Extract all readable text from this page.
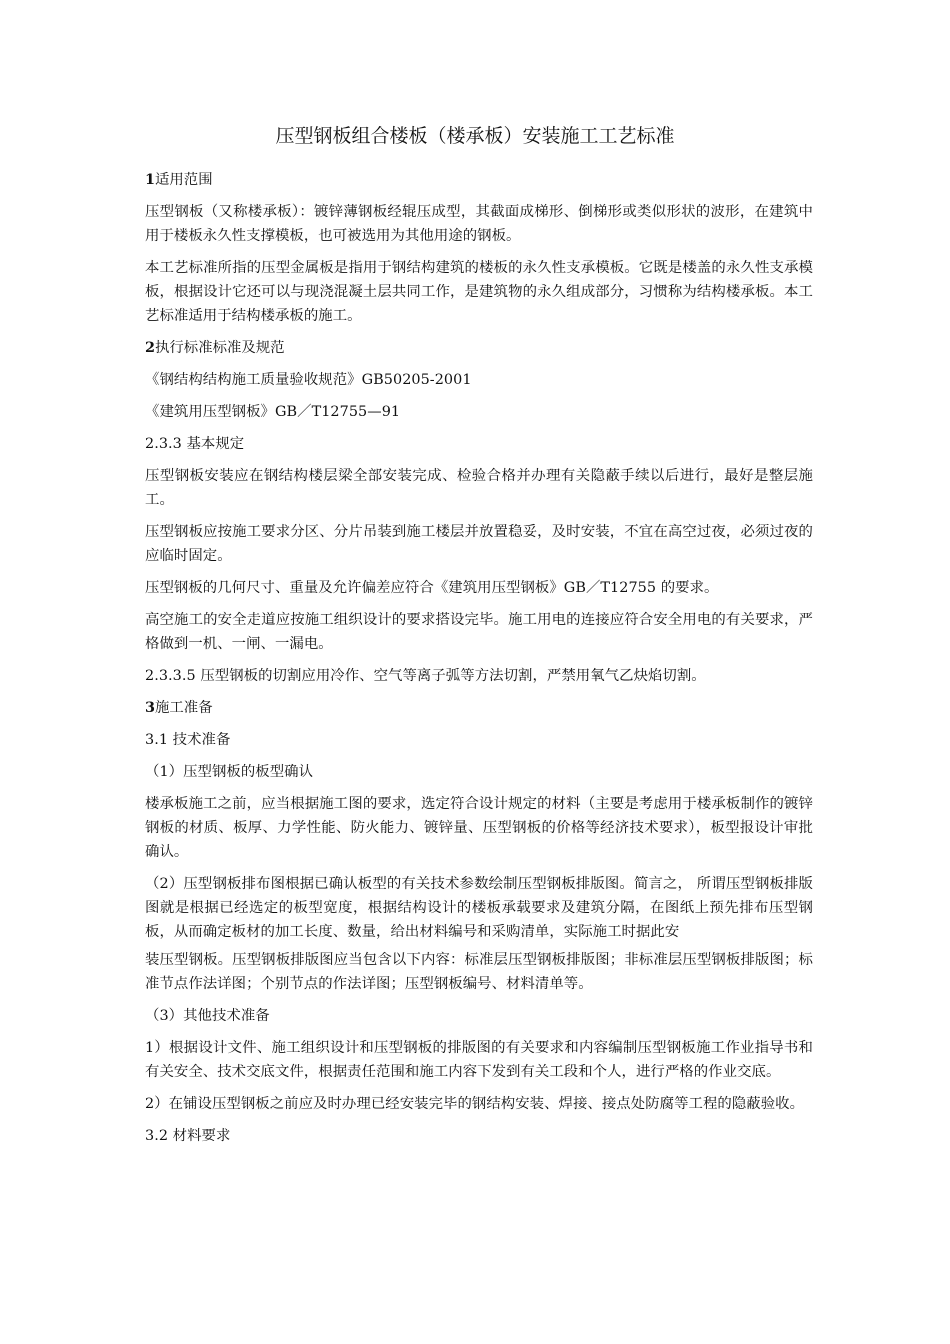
压型钢板组合楼板（楼承板）安装施工工艺标准
1适用范围
压型钢板（又称楼承板）：镀锌薄钢板经辊压成型，其截面成梯形、倒梯形或类似形状的波形，在建筑中用于楼板永久性支撑模板，也可被选用为其他用途的钢板。
本工艺标准所指的压型金属板是指用于钢结构建筑的楼板的永久性支承模板。它既是楼盖的永久性支承模板，根据设计它还可以与现浇混凝土层共同工作，是建筑物的永久组成部分，习惯称为结构楼承板。本工艺标准适用于结构楼承板的施工。
2执行标准标准及规范
《钢结构结构施工质量验收规范》GB50205-2001
《建筑用压型钢板》GB／T12755—91
2.3.3 基本规定
压型钢板安装应在钢结构楼层梁全部安装完成、检验合格并办理有关隐蔽手续以后进行，最好是整层施工。
压型钢板应按施工要求分区、分片吊装到施工楼层并放置稳妥，及时安装，不宜在高空过夜，必须过夜的应临时固定。
压型钢板的几何尺寸、重量及允许偏差应符合《建筑用压型钢板》GB／T12755 的要求。
高空施工的安全走道应按施工组织设计的要求搭设完毕。施工用电的连接应符合安全用电的有关要求，严格做到一机、一闸、一漏电。
2.3.3.5 压型钢板的切割应用冷作、空气等离子弧等方法切割，严禁用氧气乙炔焰切割。
3施工准备
3.1 技术准备
（1）压型钢板的板型确认
楼承板施工之前，应当根据施工图的要求，选定符合设计规定的材料（主要是考虑用于楼承板制作的镀锌钢板的材质、板厚、力学性能、防火能力、镀锌量、压型钢板的价格等经济技术要求），板型报设计审批确认。
（2）压型钢板排布图根据已确认板型的有关技术参数绘制压型钢板排版图。简言之， 所谓压型钢板排版图就是根据已经选定的板型宽度，根据结构设计的楼板承载要求及建筑分隔，在图纸上预先排布压型钢板，从而确定板材的加工长度、数量，给出材料编号和采购清单，实际施工时据此安
装压型钢板。压型钢板排版图应当包含以下内容：标准层压型钢板排版图；非标准层压型钢板排版图；标准节点作法详图；个别节点的作法详图；压型钢板编号、材料清单等。
（3）其他技术准备
1）根据设计文件、施工组织设计和压型钢板的排版图的有关要求和内容编制压型钢板施工作业指导书和有关安全、技术交底文件，根据责任范围和施工内容下发到有关工段和个人，进行严格的作业交底。
2）在铺设压型钢板之前应及时办理已经安装完毕的钢结构安装、焊接、接点处防腐等工程的隐蔽验收。
3.2 材料要求
